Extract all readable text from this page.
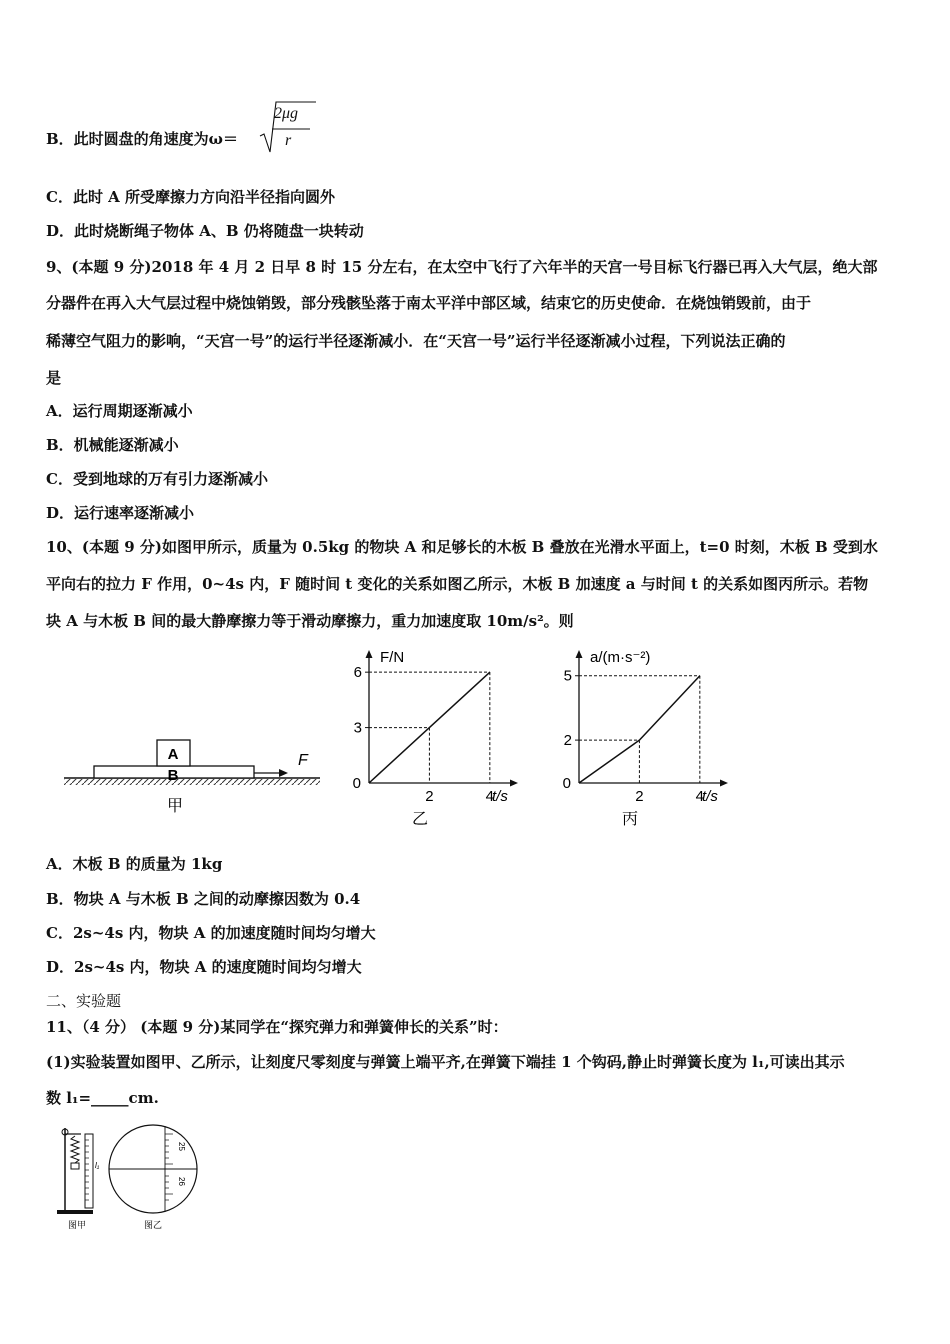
B．此时圆盘的角速度为ω＝
2μg
r
C．此时 A 所受摩擦力方向沿半径指向圆外
D．此时烧断绳子物体 A、B 仍将随盘一块转动
9、(本题 9 分)2018 年 4 月 2 日早 8 时 15 分左右，在太空中飞行了六年半的天宫一号目标飞行器已再入大气层，绝大部
分器件在再入大气层过程中烧蚀销毁，部分残骸坠落于南太平洋中部区域，结束它的历史使命．在烧蚀销毁前，由于
稀薄空气阻力的影响，“天宫一号”的运行半径逐渐减小．在“天宫一号”运行半径逐渐减小过程，下列说法正确的
是
A．运行周期逐渐减小
B．机械能逐渐减小
C．受到地球的万有引力逐渐减小
D．运行速率逐渐减小
10、(本题 9 分)如图甲所示，质量为 0.5kg 的物块 A 和足够长的木板 B 叠放在光滑水平面上，t=0 时刻，木板 B 受到水
平向右的拉力 F 作用，0~4s 内，F 随时间 t 变化的关系如图乙所示，木板 B 加速度 a 与时间 t 的关系如图丙所示。若物
块 A 与木板 B 间的最大静摩擦力等于滑动摩擦力，重力加速度取 10m/s²。则
A
B
F
甲
F/N
t/s
0
2	4
3
6
乙
a/(m·s⁻²)
t/s
0
2	4
2
5
丙
A．木板 B 的质量为 1kg
B．物块 A 与木板 B 之间的动摩擦因数为 0.4
C．2s~4s 内，物块 A 的加速度随时间均匀增大
D．2s~4s 内，物块 A 的速度随时间均匀增大
二、实验题
11、（4 分） (本题 9 分)某同学在“探究弹力和弹簧伸长的关系”时：
(1)实验装置如图甲、乙所示，让刻度尺零刻度与弹簧上端平齐,在弹簧下端挂 1 个钩码,静止时弹簧长度为 l₁,可读出其示
数 l₁=_____cm.
l₁
图甲
25
26
图乙
